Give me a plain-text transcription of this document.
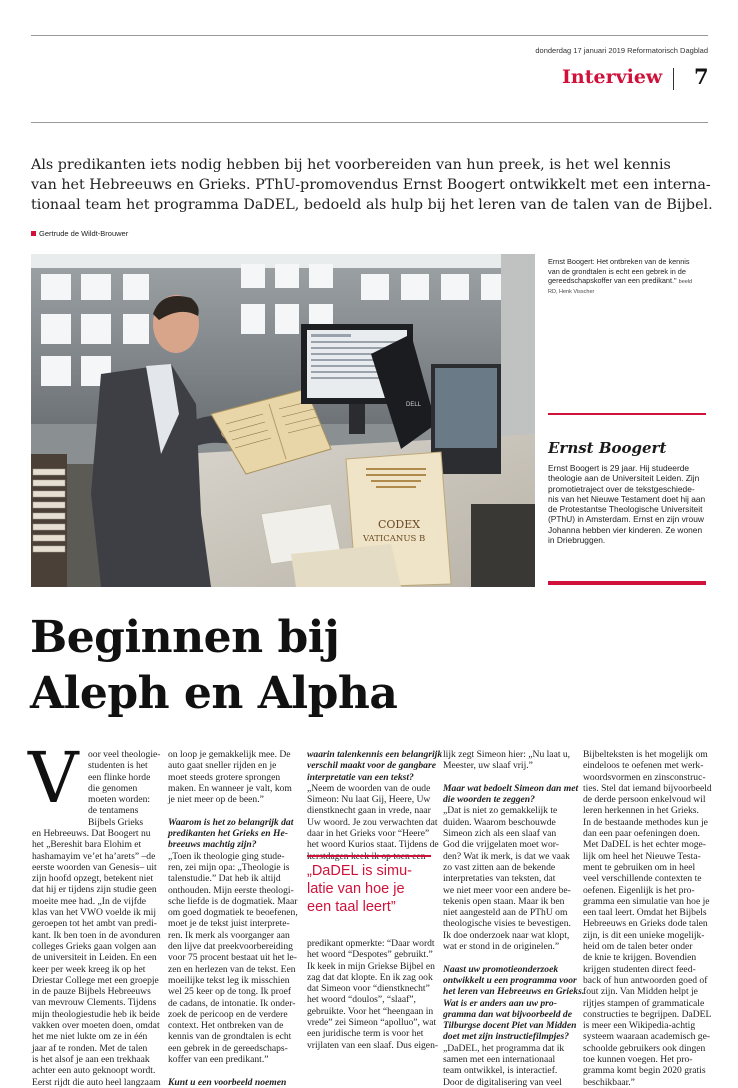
donderdag 17 januari 2019 Reformatorisch Dagblad
Interview 7
Als predikanten iets nodig hebben bij het voorbereiden van hun preek, is het wel kennis
van het Hebreeuws en Grieks. PThU-promovendus Ernst Boogert ontwikkelt met een interna-
tionaal team het programma DaDEL, bedoeld als hulp bij het leren van de talen van de Bijbel.
Gertrude de Wildt-Brouwer
DELL
CODEX
VATICANUS B
Ernst Boogert: Het ontbreken van de kennis
van de grondtalen is echt een gebrek in de
gereedschapskoffer van een predikant." beeld
RD, Henk Visscher
Ernst Boogert
Ernst Boogert is 29 jaar. Hij studeerde
theologie aan de Universiteit Leiden. Zijn
promotietraject over de tekstgeschiede-
nis van het Nieuwe Testament doet hij aan
de Protestantse Theologische Universiteit
(PThU) in Amsterdam. Ernst en zijn vrouw
Johanna hebben vier kinderen. Ze wonen
in Driebruggen.
Beginnen bij
Aleph en Alpha
V oor veel theologie-
studenten is het
een flinke horde
die genomen
moeten worden:
de tentamens
Bijbels Grieks
en Hebreeuws. Dat Boogert nu
het „Bereshit bara Elohim et
hashamayim ve’et ha’arets” –de
eerste woorden van Genesis– uit
zijn hoofd opzegt, betekent niet
dat hij er tijdens zijn studie geen
moeite mee had. „In de vijfde
klas van het VWO voelde ik mij
geroepen tot het ambt van predi-
kant. Ik ben toen in de avonduren
colleges Grieks gaan volgen aan
de universiteit in Leiden. En een
keer per week kreeg ik op het
Driestar College met een groepje
in de pauze Bijbels Hebreeuws
van mevrouw Clements. Tijdens
mijn theologiestudie heb ik beide
vakken over moeten doen, omdat
het me niet lukte om ze in één
jaar af te ronden. Met de talen
is het alsof je aan een trekhaak
achter een auto geknoopt wordt.
Eerst rijdt die auto heel langzaam
on loop je gemakkelijk mee. De
auto gaat sneller rijden en je
moet steeds grotere sprongen
maken. En wanneer je valt, kom
je niet meer op de been.”

Waarom is het zo belangrijk dat
predikanten het Grieks en He-
breeuws machtig zijn?
„Toen ik theologie ging stude-
ren, zei mijn opa: „Theologie is
talenstudie.” Dat heb ik altijd
onthouden. Mijn eerste theologi-
sche liefde is de dogmatiek. Maar
om goed dogmatiek te beoefenen,
moet je de tekst juist interprete-
ren. Ik merk als voorganger aan
den lijve dat preekvoorbereiding
voor 75 procent bestaat uit het le-
zen en herlezen van de tekst. Een
moeilijke tekst leg ik misschien
wel 25 keer op de tong. Ik proef
de cadans, de intonatie. Ik onder-
zoek de pericoop en de verdere
context. Het ontbreken van de
kennis van de grondtalen is echt
een gebrek in de gereedschaps-
koffer van een predikant.”

Kunt u een voorbeeld noemen
waarin talenkennis een belangrijk
verschil maakt voor de gangbare
interpretatie van een tekst?
„Neem de woorden van de oude
Simeon: Nu laat Gij, Heere, Uw
dienstknecht gaan in vrede, naar
Uw woord. Je zou verwachten dat
daar in het Grieks voor “Heere”
het woord Kurios staat. Tijdens de
„DaDEL is simu-
latie van hoe je
een taal leert”
predikant opmerkte: “Daar wordt
het woord “Despotes” gebruikt.”
Ik keek in mijn Griekse Bijbel en
zag dat dat klopte. En ik zag ook
dat Simeon voor “dienstknecht”
het woord “doulos”, “slaaf”,
gebruikte. Voor het “heengaan in
vrede” zei Simeon “apolluo”, wat
een juridische term is voor het
vrijlaten van een slaaf. Dus eigen-
lijk zegt Simeon hier: „Nu laat u,
Meester, uw slaaf vrij.”

Maar wat bedoelt Simeon dan met
die woorden te zeggen?
„Dat is niet zo gemakkelijk te
duiden. Waarom beschouwde
Simeon zich als een slaaf van
God die vrijgelaten moet wor-
den? Wat ik merk, is dat we vaak
zo vast zitten aan de bekende
interpretaties van teksten, dat
we niet meer voor een andere be-
tekenis open staan. Maar ik ben
niet aangesteld aan de PThU om
theologische visies te bevestigen.
Ik doe onderzoek naar wat klopt,
wat er stond in de originelen.”

Naast uw promotieonderzoek
ontwikkelt u een programma voor
het leren van Hebreeuws en Grieks.
Wat is er anders aan uw pro-
gramma dan wat bijvoorbeeld de
Tilburgse docent Piet van Midden
doet met zijn instructiefilmpjes?
„DaDEL, het programma dat ik
samen met een internationaal
team ontwikkel, is interactief.
Door de digitalisering van veel
Bijbelteksten is het mogelijk om
eindeloos te oefenen met werk-
woordsvormen en zinsconstruc-
ties. Stel dat iemand bijvoorbeeld
de derde persoon enkelvoud wil
leren herkennen in het Grieks.
In de bestaande methodes kun je
dan een paar oefeningen doen.
Met DaDEL is het echter moge-
lijk om heel het Nieuwe Testa-
ment te gebruiken om in heel
veel verschillende contexten te
oefenen. Eigenlijk is het pro-
gramma een simulatie van hoe je
een taal leert. Omdat het Bijbels
Hebreeuws en Grieks dode talen
zijn, is dit een unieke mogelijk-
heid om de talen beter onder
de knie te krijgen. Bovendien
krijgen studenten direct feed-
back of hun antwoorden goed of
fout zijn. Van Midden helpt je
rijtjes stampen of grammaticale
constructies te begrijpen. DaDEL
is meer een Wikipedia-achtig
systeem waaraan academisch ge-
schoolde gebruikers ook dingen
toe kunnen voegen. Het pro-
gramma komt begin 2020 gratis
beschikbaar.”
